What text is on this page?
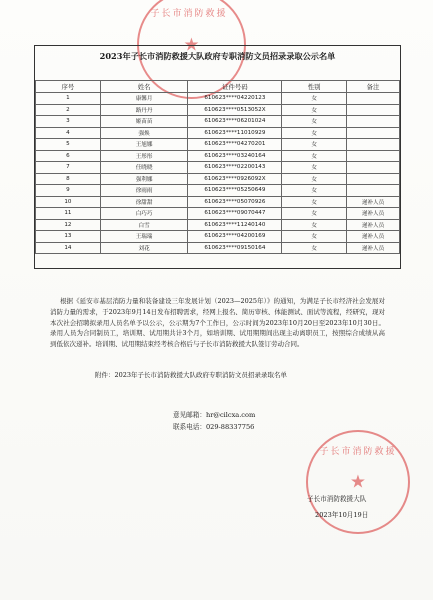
子长市消防救援
★
2023年子长市消防救援大队政府专职消防文员招录录取公示名单
序号	姓名	证件号码	性别	备注
1	康馨月	610623****04220123	女	
2	路丹丹	610623****0513052X	女	
3	姬苗苗	610623****06201024	女	
4	强焕	610623****11010929	女	
5	王旭娜	610623****04270201	女	
6	王彤彤	610623****03240164	女	
7	任晓晓	610623****02200143	女	
8	强利娜	610623****0926092X	女	
9	徐雨雨	610623****05250649	女	
10	徐甜甜	610623****05070926	女	递补人员
11	白巧巧	610623****09070447	女	递补人员
12	白雪	610623****11240140	女	递补人员
13	王瑞瑞	610623****04200169	女	递补人员
14	刘花	610623****09150164	女	递补人员
根据《延安市基层消防力量和装备建设三年发展计划（2023—2025年）》的通知，为满足子长市经济社会发展对消防力量的需求，于2023年9月14日发布招聘需求，经网上报名、简历审核、体能测试、面试等流程，经研究，现对本次社会招聘拟录用人员名单予以公示，公示期为7个工作日，公示时间为2023年10月20日至2023年10月30日。录用人员为合同制员工，培训期、试用期共计3个月，如培训期、试用期期间出现主动离职员工，按照综合成绩从高到低依次递补。培训期、试用期结束经考核合格后与子长市消防救援大队签订劳动合同。
附件：2023年子长市消防救援大队政府专职消防文员招录录取名单
意见邮箱：hr@cilcxa.com
联系电话：029-88337756
子长市消防救援
★
子长市消防救援大队
2023年10月19日
